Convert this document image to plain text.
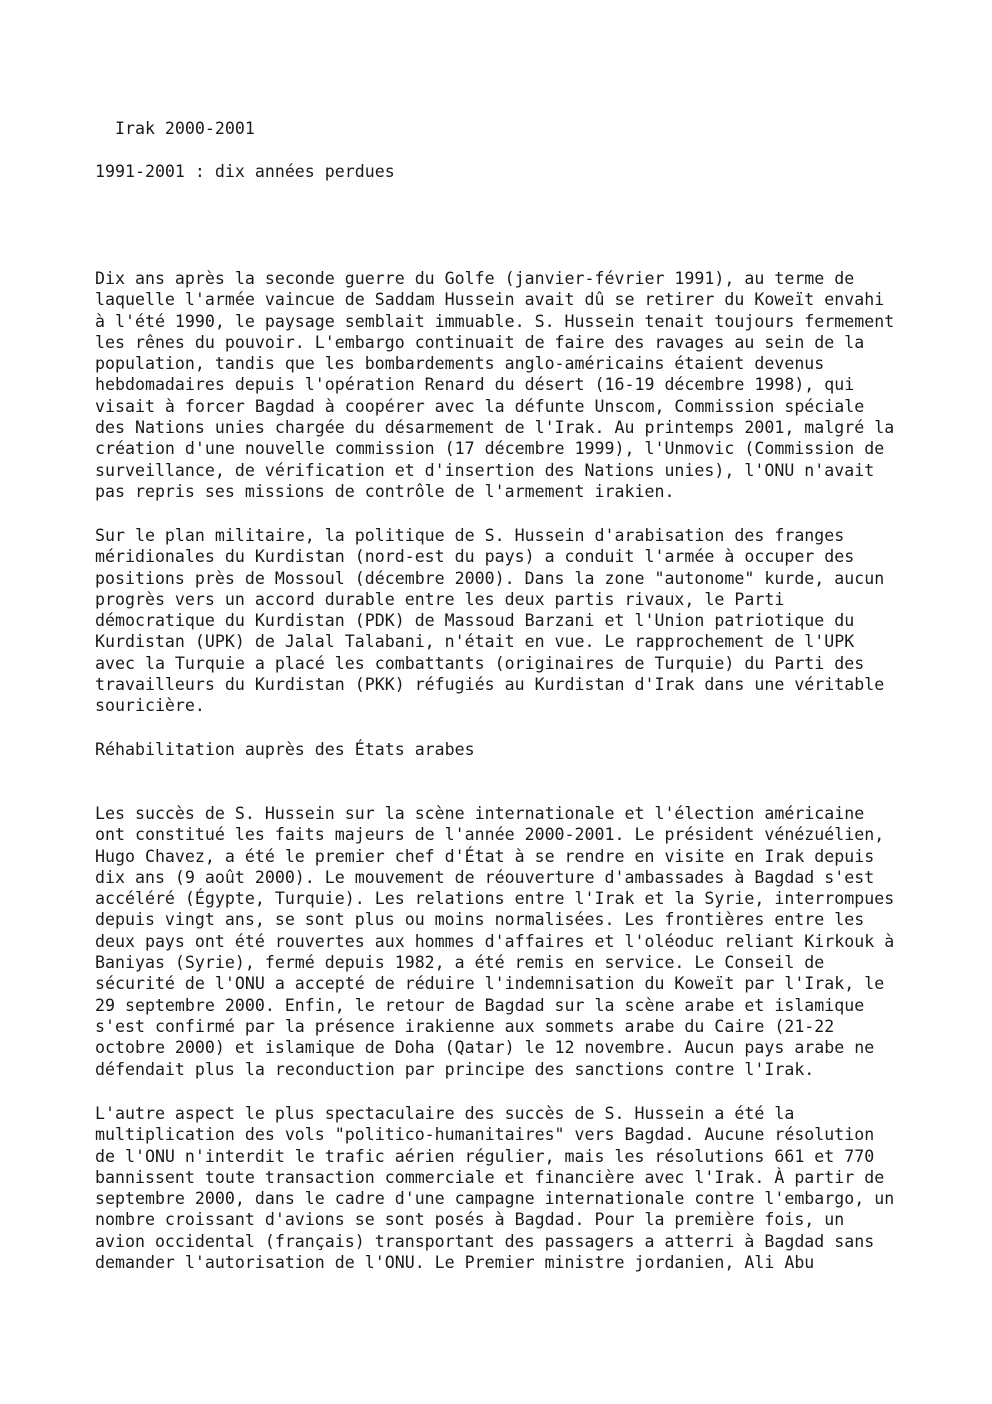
Irak 2000-2001
1991-2001 : dix années perdues
Dix ans après la seconde guerre du Golfe (janvier-février 1991), au terme de
laquelle l'armée vaincue de Saddam Hussein avait dû se retirer du Koweït envahi
à l'été 1990, le paysage semblait immuable. S. Hussein tenait toujours fermement
les rênes du pouvoir. L'embargo continuait de faire des ravages au sein de la
population, tandis que les bombardements anglo-américains étaient devenus
hebdomadaires depuis l'opération Renard du désert (16-19 décembre 1998), qui
visait à forcer Bagdad à coopérer avec la défunte Unscom, Commission spéciale
des Nations unies chargée du désarmement de l'Irak. Au printemps 2001, malgré la
création d'une nouvelle commission (17 décembre 1999), l'Unmovic (Commission de
surveillance, de vérification et d'insertion des Nations unies), l'ONU n'avait
pas repris ses missions de contrôle de l'armement irakien.
Sur le plan militaire, la politique de S. Hussein d'arabisation des franges
méridionales du Kurdistan (nord-est du pays) a conduit l'armée à occuper des
positions près de Mossoul (décembre 2000). Dans la zone "autonome" kurde, aucun
progrès vers un accord durable entre les deux partis rivaux, le Parti
démocratique du Kurdistan (PDK) de Massoud Barzani et l'Union patriotique du
Kurdistan (UPK) de Jalal Talabani, n'était en vue. Le rapprochement de l'UPK
avec la Turquie a placé les combattants (originaires de Turquie) du Parti des
travailleurs du Kurdistan (PKK) réfugiés au Kurdistan d'Irak dans une véritable
souricière.
Réhabilitation auprès des États arabes
Les succès de S. Hussein sur la scène internationale et l'élection américaine
ont constitué les faits majeurs de l'année 2000-2001. Le président vénézuélien,
Hugo Chavez, a été le premier chef d'État à se rendre en visite en Irak depuis
dix ans (9 août 2000). Le mouvement de réouverture d'ambassades à Bagdad s'est
accéléré (Égypte, Turquie). Les relations entre l'Irak et la Syrie, interrompues
depuis vingt ans, se sont plus ou moins normalisées. Les frontières entre les
deux pays ont été rouvertes aux hommes d'affaires et l'oléoduc reliant Kirkouk à
Baniyas (Syrie), fermé depuis 1982, a été remis en service. Le Conseil de
sécurité de l'ONU a accepté de réduire l'indemnisation du Koweït par l'Irak, le
29 septembre 2000. Enfin, le retour de Bagdad sur la scène arabe et islamique
s'est confirmé par la présence irakienne aux sommets arabe du Caire (21-22
octobre 2000) et islamique de Doha (Qatar) le 12 novembre. Aucun pays arabe ne
défendait plus la reconduction par principe des sanctions contre l'Irak.
L'autre aspect le plus spectaculaire des succès de S. Hussein a été la
multiplication des vols "politico-humanitaires" vers Bagdad. Aucune résolution
de l'ONU n'interdit le trafic aérien régulier, mais les résolutions 661 et 770
bannissent toute transaction commerciale et financière avec l'Irak. À partir de
septembre 2000, dans le cadre d'une campagne internationale contre l'embargo, un
nombre croissant d'avions se sont posés à Bagdad. Pour la première fois, un
avion occidental (français) transportant des passagers a atterri à Bagdad sans
demander l'autorisation de l'ONU. Le Premier ministre jordanien, Ali Abu
